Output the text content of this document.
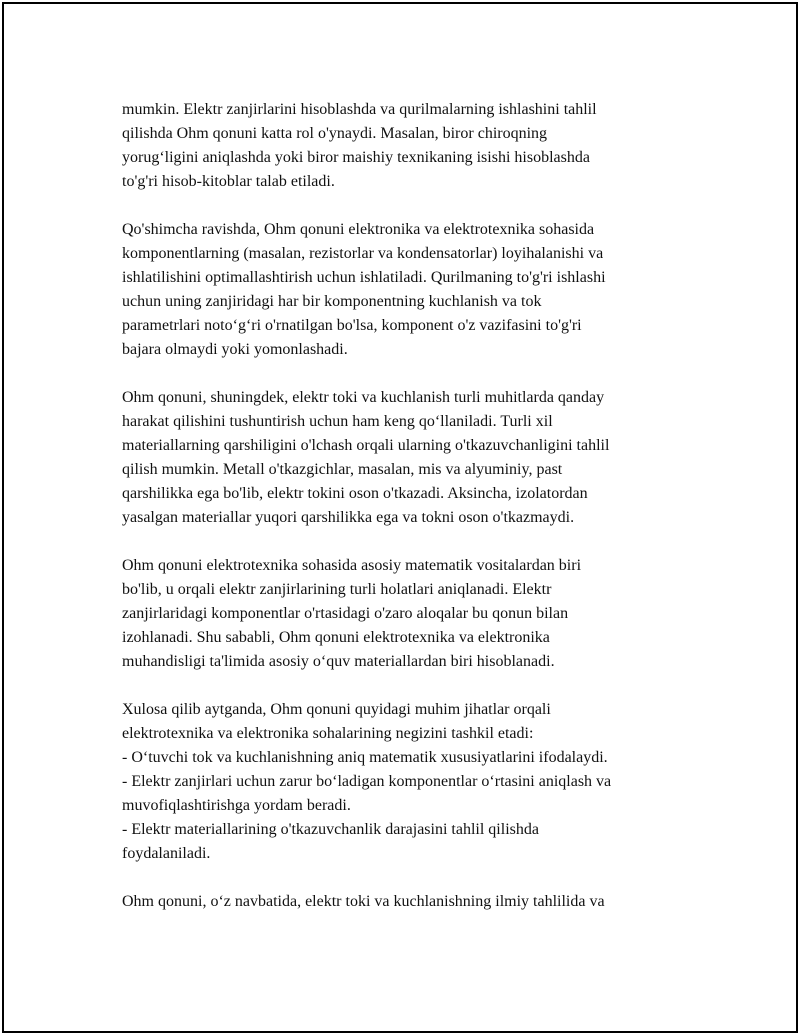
mumkin. Elektr zanjirlarini hisoblashda va qurilmalarning ishlashini tahlil
qilishda Ohm qonuni katta rol o'ynaydi. Masalan, biror chiroqning
yorugʻligini aniqlashda yoki biror maishiy texnikaning isishi hisoblashda
to'g'ri hisob-kitoblar talab etiladi.
Qo'shimcha ravishda, Ohm qonuni elektronika va elektrotexnika sohasida
komponentlarning (masalan, rezistorlar va kondensatorlar) loyihalanishi va
ishlatilishini optimallashtirish uchun ishlatiladi. Qurilmaning to'g'ri ishlashi
uchun uning zanjiridagi har bir komponentning kuchlanish va tok
parametrlari notoʻgʻri o'rnatilgan bo'lsa, komponent o'z vazifasini to'g'ri
bajara olmaydi yoki yomonlashadi.
Ohm qonuni, shuningdek, elektr toki va kuchlanish turli muhitlarda qanday
harakat qilishini tushuntirish uchun ham keng qoʻllaniladi. Turli xil
materiallarning qarshiligini o'lchash orqali ularning o'tkazuvchanligini tahlil
qilish mumkin. Metall o'tkazgichlar, masalan, mis va alyuminiy, past
qarshilikka ega bo'lib, elektr tokini oson o'tkazadi. Aksincha, izolatordan
yasalgan materiallar yuqori qarshilikka ega va tokni oson o'tkazmaydi.
Ohm qonuni elektrotexnika sohasida asosiy matematik vositalardan biri
bo'lib, u orqali elektr zanjirlarining turli holatlari aniqlanadi. Elektr
zanjirlaridagi komponentlar o'rtasidagi o'zaro aloqalar bu qonun bilan
izohlanadi. Shu sababli, Ohm qonuni elektrotexnika va elektronika
muhandisligi ta'limida asosiy oʻquv materiallardan biri hisoblanadi.
Xulosa qilib aytganda, Ohm qonuni quyidagi muhim jihatlar orqali
elektrotexnika va elektronika sohalarining negizini tashkil etadi:
- Oʻtuvchi tok va kuchlanishning aniq matematik xususiyatlarini ifodalaydi.
- Elektr zanjirlari uchun zarur boʻladigan komponentlar oʻrtasini aniqlash va
muvofiqlashtirishga yordam beradi.
- Elektr materiallarining o'tkazuvchanlik darajasini tahlil qilishda
foydalaniladi.
Ohm qonuni, oʻz navbatida, elektr toki va kuchlanishning ilmiy tahlilida va
